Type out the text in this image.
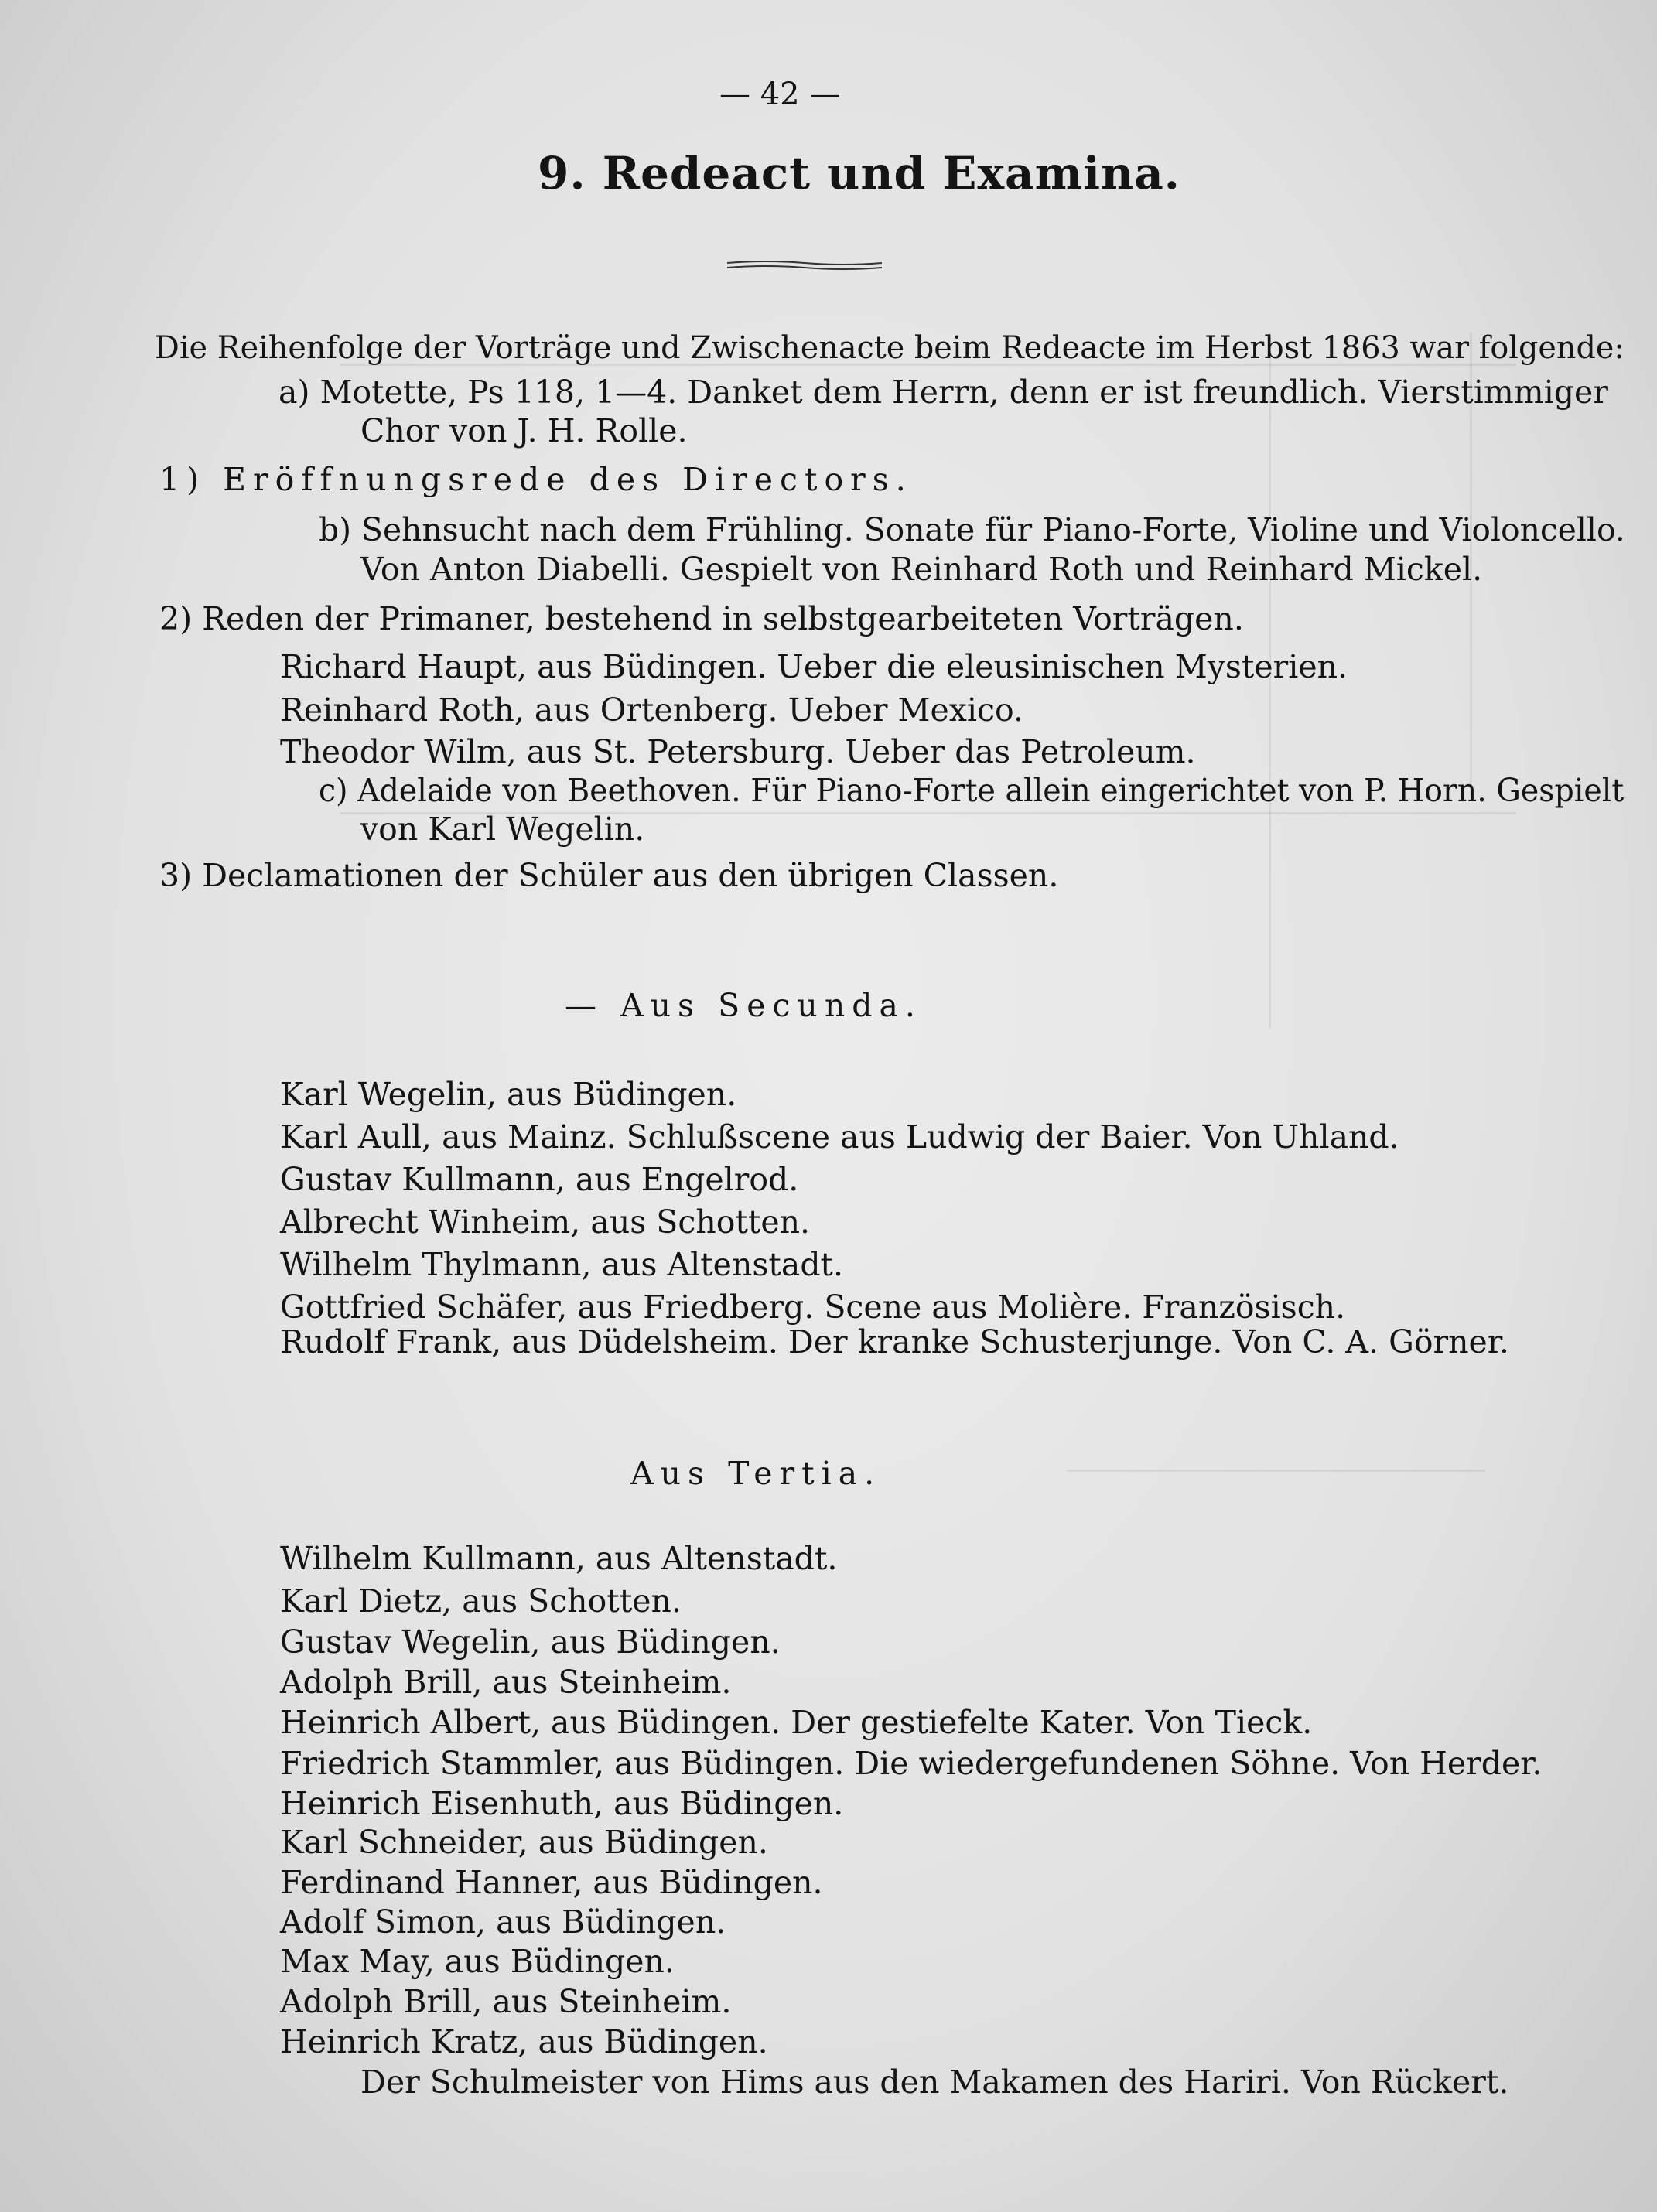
— 42 —
9. Redeact und Examina.
Die Reihenfolge der Vorträge und Zwischenacte beim Redeacte im Herbst 1863 war folgende:
a) Motette, Ps 118, 1—4. Danket dem Herrn, denn er ist freundlich. Vierstimmiger
Chor von J. H. Rolle.
1) Eröffnungsrede des Directors.
b) Sehnsucht nach dem Frühling. Sonate für Piano-Forte, Violine und Violoncello.
Von Anton Diabelli. Gespielt von Reinhard Roth und Reinhard Mickel.
2) Reden der Primaner, bestehend in selbstgearbeiteten Vorträgen.
Richard Haupt, aus Büdingen. Ueber die eleusinischen Mysterien.
Reinhard Roth, aus Ortenberg. Ueber Mexico.
Theodor Wilm, aus St. Petersburg. Ueber das Petroleum.
c) Adelaide von Beethoven. Für Piano-Forte allein eingerichtet von P. Horn. Gespielt
von Karl Wegelin.
3) Declamationen der Schüler aus den übrigen Classen.
— Aus Secunda.
Karl Wegelin, aus Büdingen.
Karl Aull, aus Mainz. Schlußscene aus Ludwig der Baier. Von Uhland.
Gustav Kullmann, aus Engelrod.
Albrecht Winheim, aus Schotten.
Wilhelm Thylmann, aus Altenstadt.
Gottfried Schäfer, aus Friedberg. Scene aus Molière. Französisch.
Rudolf Frank, aus Düdelsheim. Der kranke Schusterjunge. Von C. A. Görner.
Aus Tertia.
Wilhelm Kullmann, aus Altenstadt.
Karl Dietz, aus Schotten.
Gustav Wegelin, aus Büdingen.
Adolph Brill, aus Steinheim.
Heinrich Albert, aus Büdingen. Der gestiefelte Kater. Von Tieck.
Friedrich Stammler, aus Büdingen. Die wiedergefundenen Söhne. Von Herder.
Heinrich Eisenhuth, aus Büdingen.
Karl Schneider, aus Büdingen.
Ferdinand Hanner, aus Büdingen.
Adolf Simon, aus Büdingen.
Max May, aus Büdingen.
Adolph Brill, aus Steinheim.
Heinrich Kratz, aus Büdingen.
Der Schulmeister von Hims aus den Makamen des Hariri. Von Rückert.
